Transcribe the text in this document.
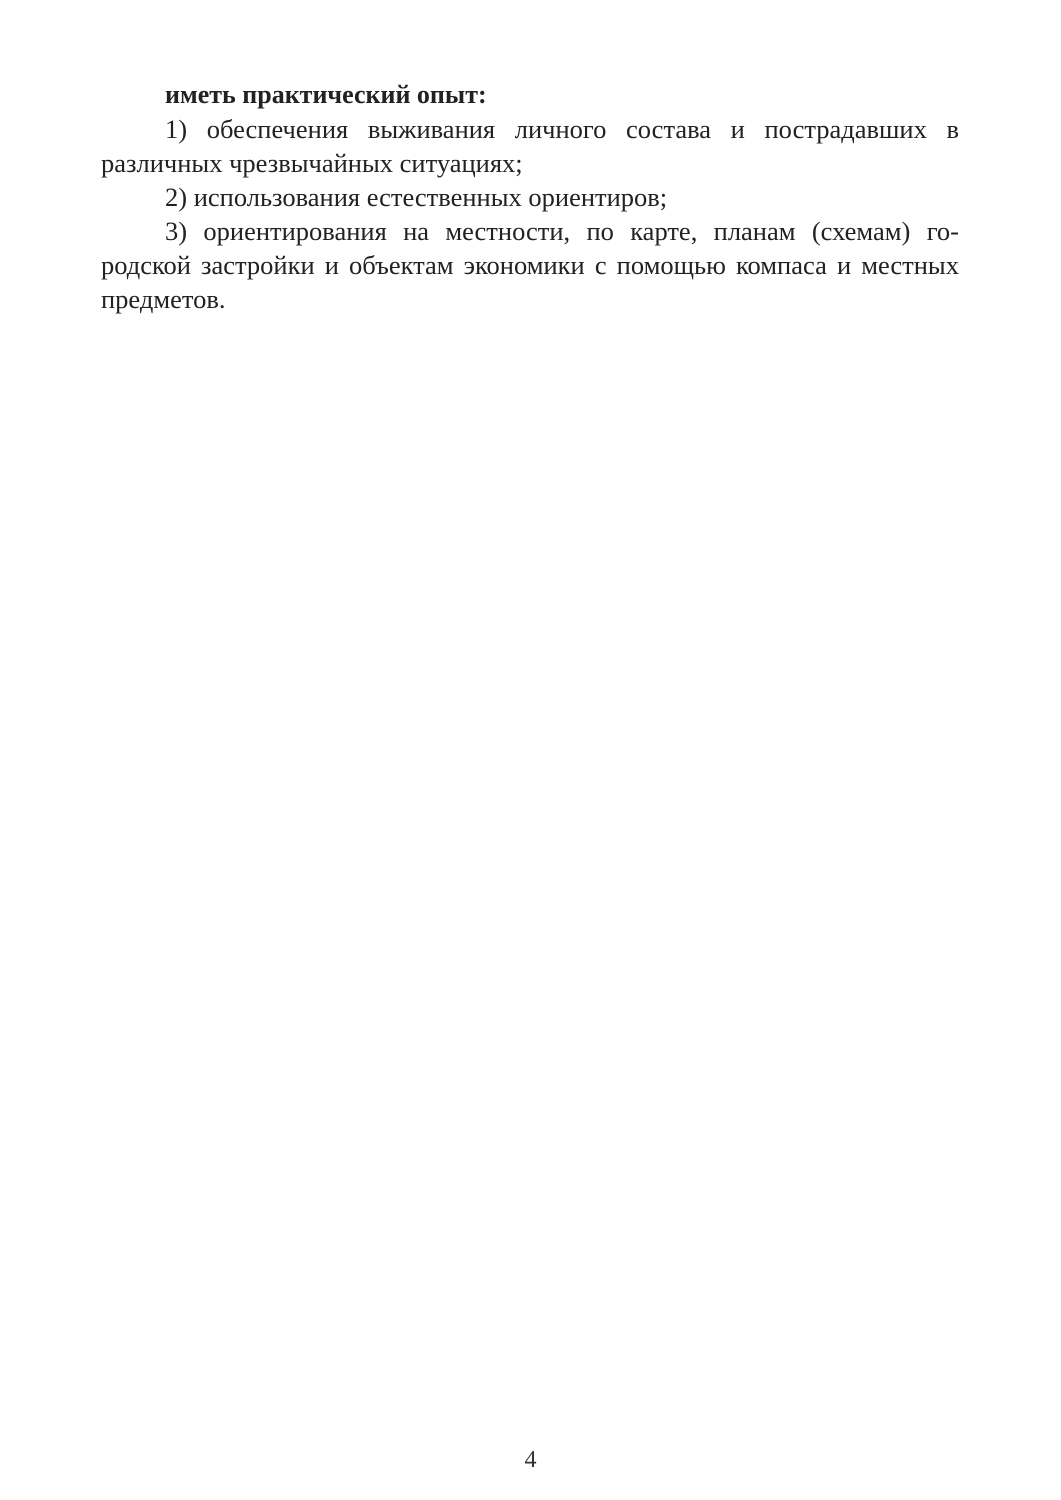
иметь практический опыт:

1) обеспечения выживания личного состава и пострадавших в различных чрезвычайных ситуациях;

2) использования естественных ориентиров;

3) ориентирования на местности, по карте, планам (схемам) городской застройки и объектам экономики с помощью компаса и местных предметов.

4
